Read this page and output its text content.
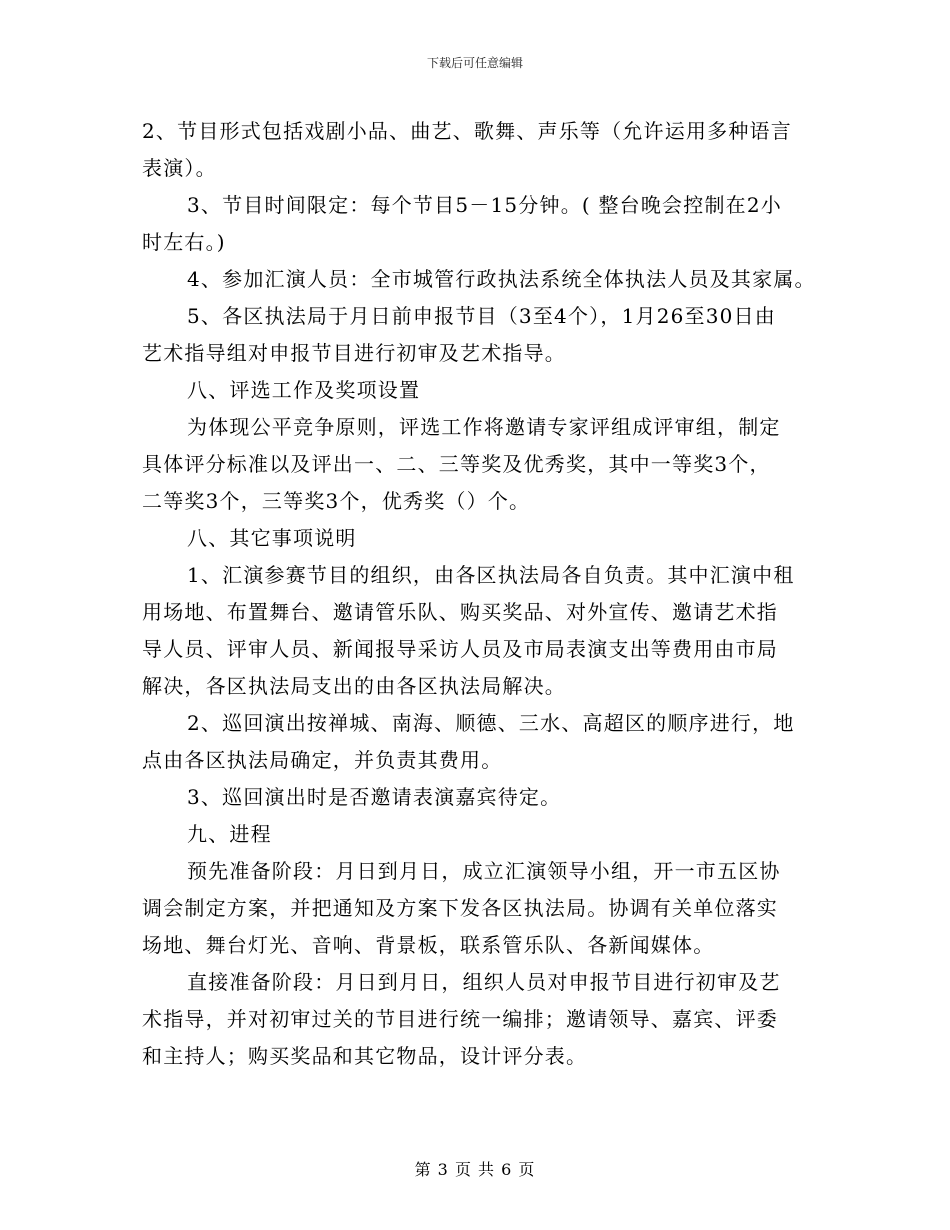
下载后可任意编辑
2、节目形式包括戏剧小品、曲艺、歌舞、声乐等（允许运用多种语言
表演）。
3、节目时间限定：每个节目5－15分钟。( 整台晚会控制在2小
时左右。)
4、参加汇演人员：全市城管行政执法系统全体执法人员及其家属。
5、各区执法局于月日前申报节目（3至4个），1月26至30日由
艺术指导组对申报节目进行初审及艺术指导。
八、评选工作及奖项设置
为体现公平竞争原则，评选工作将邀请专家评组成评审组，制定
具体评分标准以及评出一、二、三等奖及优秀奖，其中一等奖3个，
二等奖3个，三等奖3个，优秀奖（）个。
八、其它事项说明
1、汇演参赛节目的组织，由各区执法局各自负责。其中汇演中租
用场地、布置舞台、邀请管乐队、购买奖品、对外宣传、邀请艺术指
导人员、评审人员、新闻报导采访人员及市局表演支出等费用由市局
解决，各区执法局支出的由各区执法局解决。
2、巡回演出按禅城、南海、顺德、三水、高超区的顺序进行，地
点由各区执法局确定，并负责其费用。
3、巡回演出时是否邀请表演嘉宾待定。
九、进程
预先准备阶段：月日到月日，成立汇演领导小组，开一市五区协
调会制定方案，并把通知及方案下发各区执法局。协调有关单位落实
场地、舞台灯光、音响、背景板，联系管乐队、各新闻媒体。
直接准备阶段：月日到月日，组织人员对申报节目进行初审及艺
术指导，并对初审过关的节目进行统一编排；邀请领导、嘉宾、评委
和主持人；购买奖品和其它物品，设计评分表。
第 3 页 共 6 页
